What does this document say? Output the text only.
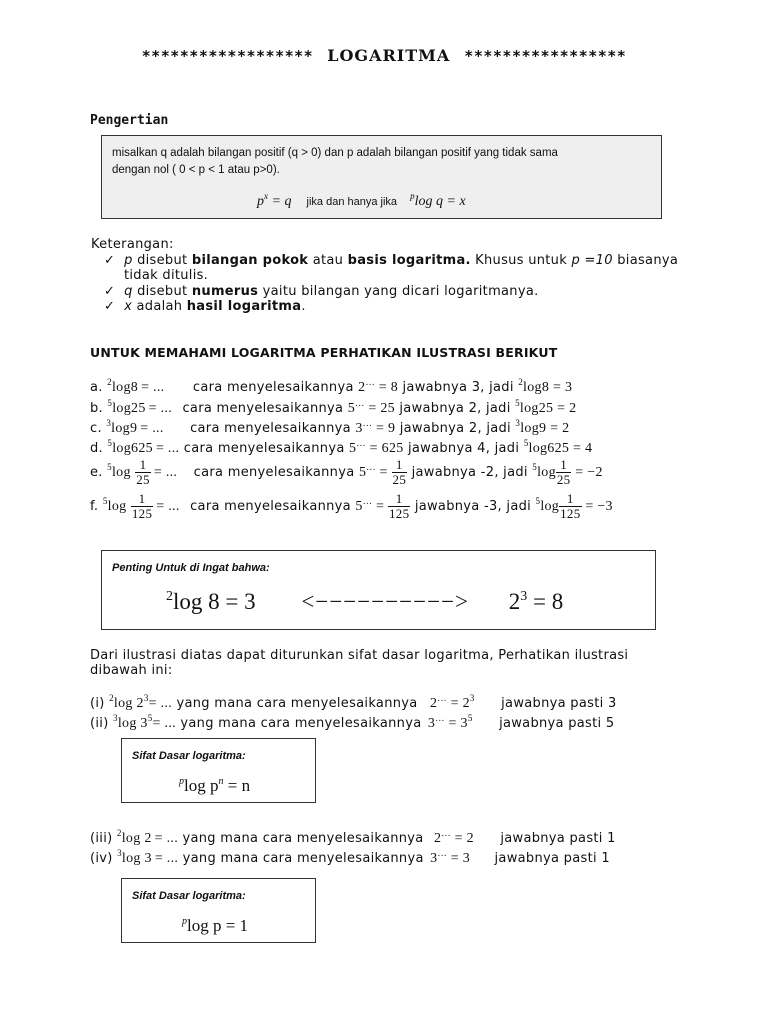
****************** LOGARITMA *****************
Pengertian
misalkan q adalah bilangan positif (q > 0) dan p adalah bilangan positif yang tidak sama
dengan nol ( 0 < p < 1 atau p>0).
$p^x = q$ jika dan hanya jika $^p$log q = x
Keterangan:
✓ p disebut bilangan pokok atau basis logaritma. Khusus untuk p =10 biasanya
tidak ditulis.
✓ q disebut numerus yaitu bilangan yang dicari logaritmanya.
✓ x adalah hasil logaritma.
UNTUK MEMAHAMI LOGARITMA PERHATIKAN ILUSTRASI BERIKUT
a. $^2$log8 = ... cara menyelesaikannya 2... = 8 jawabnya 3, jadi $^2$log8 = 3
b. $^5$log25 = ... cara menyelesaikannya 5... = 25 jawabnya 2, jadi $^5$log25 = 2
c. $^3$log9 = ... cara menyelesaikannya 3... = 9 jawabnya 2, jadi $^3$log9 = 2
d. $^5$log625 = ... cara menyelesaikannya 5... = 625 jawabnya 4, jadi $^5$log625 = 4
e. $^5\log \frac{1}{25}$ = ... cara menyelesaikannya $5^{...} = \frac{1}{25}$ jawabnya -2, jadi $^5\log \frac{1}{25} = -2$
f. $^5\log \frac{1}{125}$ = ... cara menyelesaikannya $5^{...} = \frac{1}{125}$ jawabnya -3, jadi $^5\log \frac{1}{125} = -3$
Penting Untuk di Ingat bahwa:
$^2$log 8 = 3 <−−−−−−−−−−> $2^3 = 8$
Dari ilustrasi diatas dapat diturunkan sifat dasar logaritma, Perhatikan ilustrasi
dibawah ini:
(i) $^2$log $2^3=$ ... yang mana cara menyelesaikannya $2^{...} = 2^3$ jawabnya pasti 3
(ii) $^3$log $3^5=$ ... yang mana cara menyelesaikannya $3^{...} = 3^5$ jawabnya pasti 5
Sifat Dasar logaritma:
$^p$log $p^n = n$
(iii) $^2$log 2 = ... yang mana cara menyelesaikannya 2... = 2 jawabnya pasti 1
(iv) $^3$log 3 = ... yang mana cara menyelesaikannya 3... = 3 jawabnya pasti 1
Sifat Dasar logaritma:
$^p$log p = 1
